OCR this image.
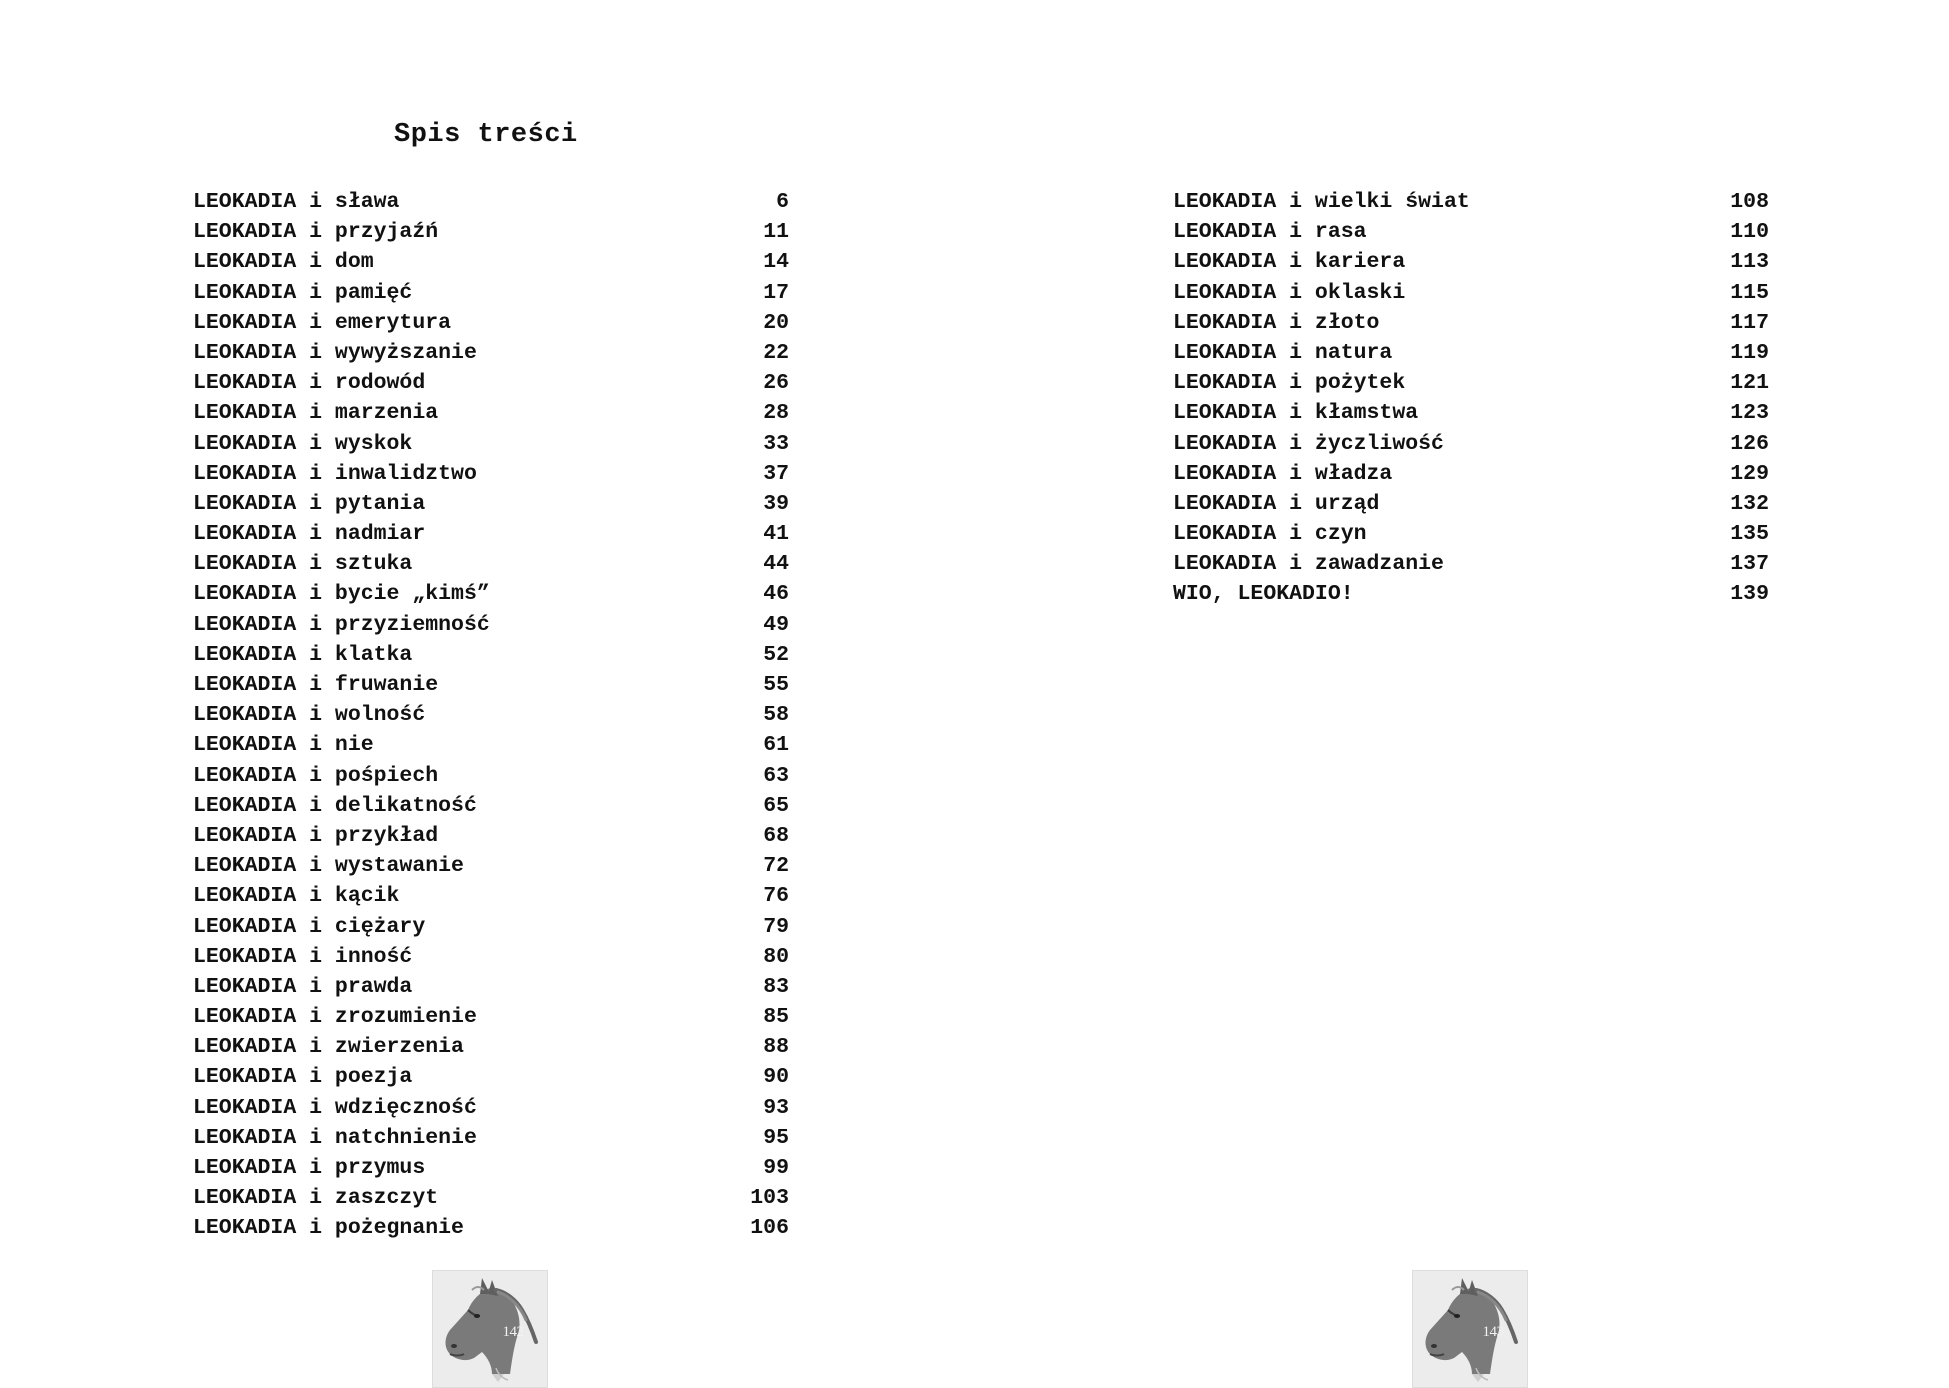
Spis treści
LEOKADIA i sława	6
LEOKADIA i przyjaźń	11
LEOKADIA i dom	14
LEOKADIA i pamięć	17
LEOKADIA i emerytura	20
LEOKADIA i wywyższanie	22
LEOKADIA i rodowód	26
LEOKADIA i marzenia	28
LEOKADIA i wyskok	33
LEOKADIA i inwalidztwo	37
LEOKADIA i pytania	39
LEOKADIA i nadmiar	41
LEOKADIA i sztuka	44
LEOKADIA i bycie „kimś”	46
LEOKADIA i przyziemność	49
LEOKADIA i klatka	52
LEOKADIA i fruwanie	55
LEOKADIA i wolność	58
LEOKADIA i nie	61
LEOKADIA i pośpiech	63
LEOKADIA i delikatność	65
LEOKADIA i przykład	68
LEOKADIA i wystawanie	72
LEOKADIA i kącik	76
LEOKADIA i ciężary	79
LEOKADIA i inność	80
LEOKADIA i prawda	83
LEOKADIA i zrozumienie	85
LEOKADIA i zwierzenia	88
LEOKADIA i poezja	90
LEOKADIA i wdzięczność	93
LEOKADIA i natchnienie	95
LEOKADIA i przymus	99
LEOKADIA i zaszczyt	103
LEOKADIA i pożegnanie	106
142
LEOKADIA i wielki świat	108
LEOKADIA i rasa	110
LEOKADIA i kariera	113
LEOKADIA i oklaski	115
LEOKADIA i złoto	117
LEOKADIA i natura	119
LEOKADIA i pożytek	121
LEOKADIA i kłamstwa	123
LEOKADIA i życzliwość	126
LEOKADIA i władza	129
LEOKADIA i urząd	132
LEOKADIA i czyn	135
LEOKADIA i zawadzanie	137
WIO, LEOKADIO!	139
143
